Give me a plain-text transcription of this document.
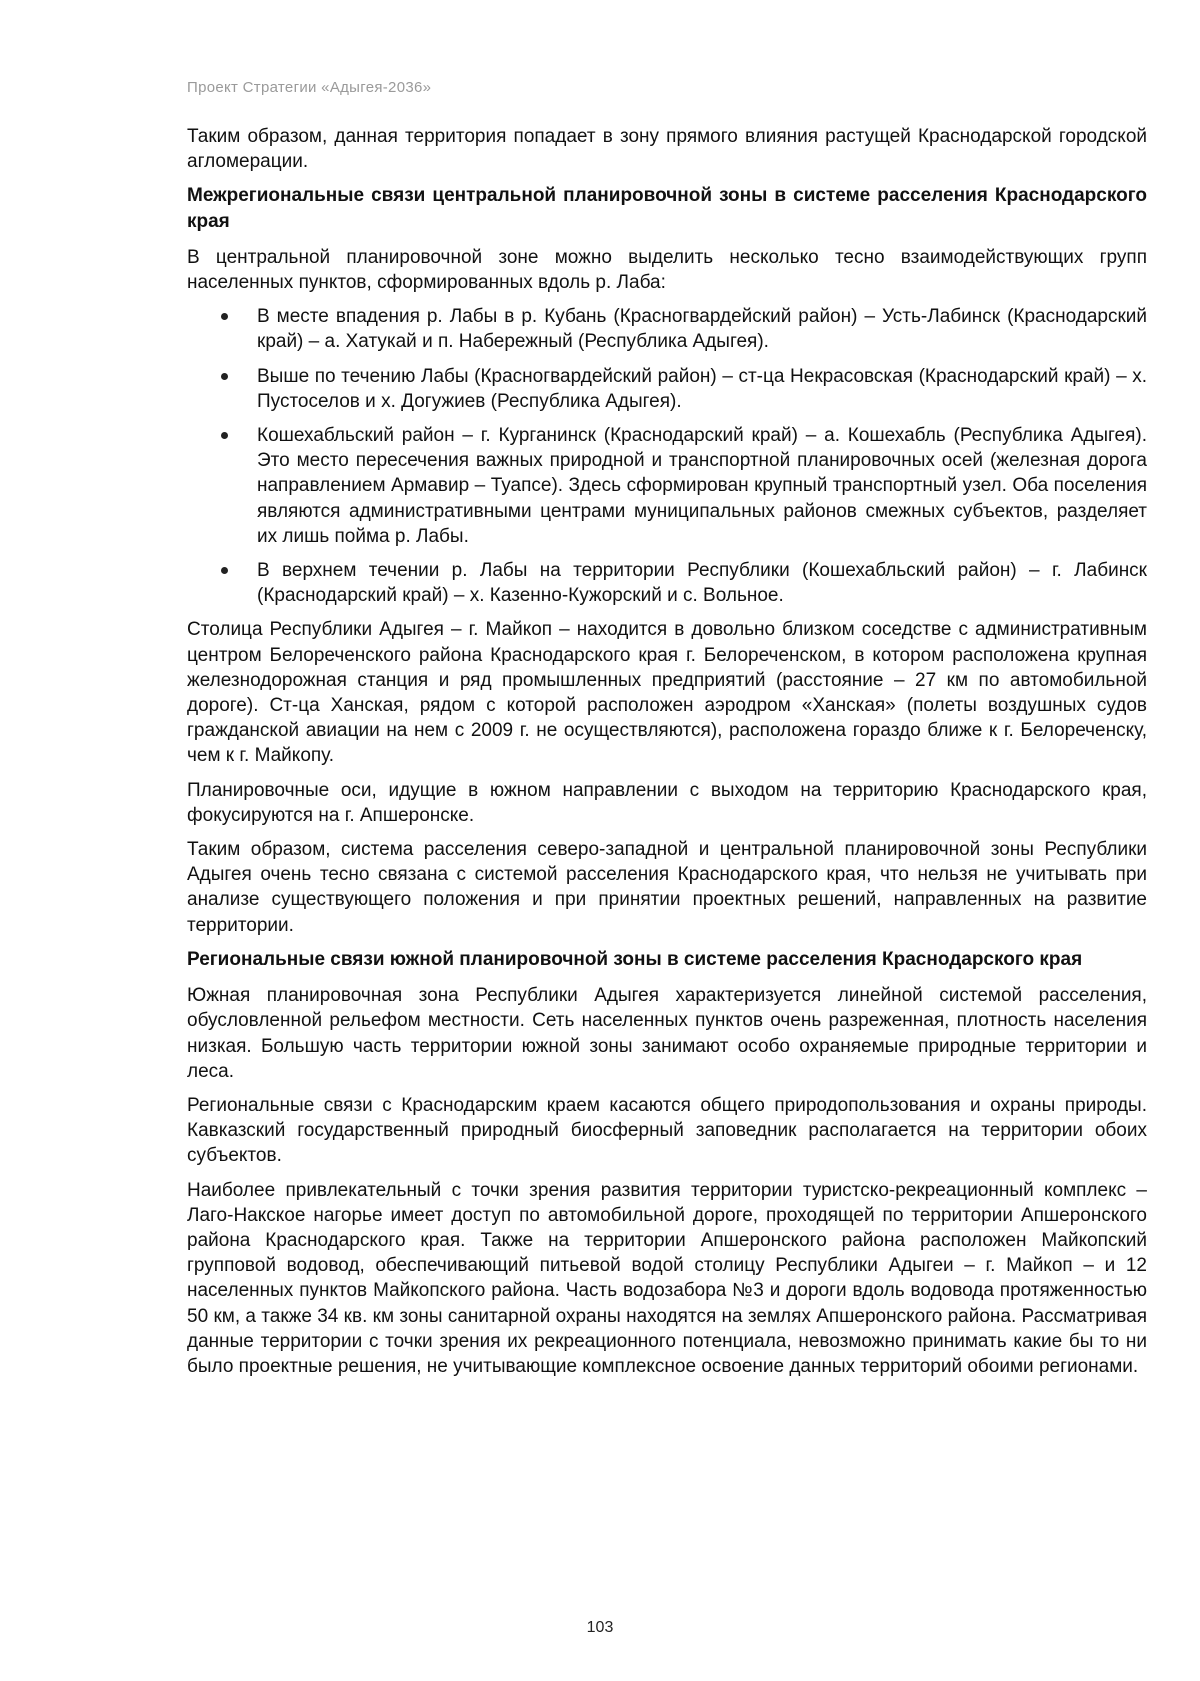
Проект Стратегии «Адыгея-2036»

Таким образом, данная территория попадает в зону прямого влияния растущей Краснодарской городской агломерации.

Межрегиональные связи центральной планировочной зоны в системе расселения Краснодарского края

В центральной планировочной зоне можно выделить несколько тесно взаимодействующих групп населенных пунктов, сформированных вдоль р. Лаба:

В месте впадения р. Лабы в р. Кубань (Красногвардейский район) – Усть-Лабинск (Краснодарский край) – а. Хатукай и п. Набережный (Республика Адыгея).
Выше по течению Лабы (Красногвардейский район) – ст-ца Некрасовская (Краснодарский край) – х. Пустоселов и х. Догужиев (Республика Адыгея).
Кошехабльский район – г. Курганинск (Краснодарский край) – а. Кошехабль (Республика Адыгея). Это место пересечения важных природной и транспортной планировочных осей (железная дорога направлением Армавир – Туапсе). Здесь сформирован крупный транспортный узел. Оба поселения являются административными центрами муниципальных районов смежных субъектов, разделяет их лишь пойма р. Лабы.
В верхнем течении р. Лабы на территории Республики (Кошехабльский район) – г. Лабинск (Краснодарский край) – х. Казенно-Кужорский и с. Вольное.

Столица Республики Адыгея – г. Майкоп – находится в довольно близком соседстве с административным центром Белореченского района Краснодарского края г. Белореченском, в котором расположена крупная железнодорожная станция и ряд промышленных предприятий (расстояние – 27 км по автомобильной дороге). Ст-ца Ханская, рядом с которой расположен аэродром «Ханская» (полеты воздушных судов гражданской авиации на нем с 2009 г. не осуществляются), расположена гораздо ближе к г. Белореченску, чем к г. Майкопу.

Планировочные оси, идущие в южном направлении с выходом на территорию Краснодарского края, фокусируются на г. Апшеронске.

Таким образом, система расселения северо-западной и центральной планировочной зоны Республики Адыгея очень тесно связана с системой расселения Краснодарского края, что нельзя не учитывать при анализе существующего положения и при принятии проектных решений, направленных на развитие территории.

Региональные связи южной планировочной зоны в системе расселения Краснодарского края

Южная планировочная зона Республики Адыгея характеризуется линейной системой расселения, обусловленной рельефом местности. Сеть населенных пунктов очень разреженная, плотность населения низкая. Большую часть территории южной зоны занимают особо охраняемые природные территории и леса.

Региональные связи с Краснодарским краем касаются общего природопользования и охраны природы. Кавказский государственный природный биосферный заповедник располагается на территории обоих субъектов.

Наиболее привлекательный с точки зрения развития территории туристско-рекреационный комплекс – Лаго-Накское нагорье имеет доступ по автомобильной дороге, проходящей по территории Апшеронского района Краснодарского края. Также на территории Апшеронского района расположен Майкопский групповой водовод, обеспечивающий питьевой водой столицу Республики Адыгеи – г. Майкоп – и 12 населенных пунктов Майкопского района. Часть водозабора №3 и дороги вдоль водовода протяженностью 50 км, а также 34 кв. км зоны санитарной охраны находятся на землях Апшеронского района. Рассматривая данные территории с точки зрения их рекреационного потенциала, невозможно принимать какие бы то ни было проектные решения, не учитывающие комплексное освоение данных территорий обоими регионами.

103
